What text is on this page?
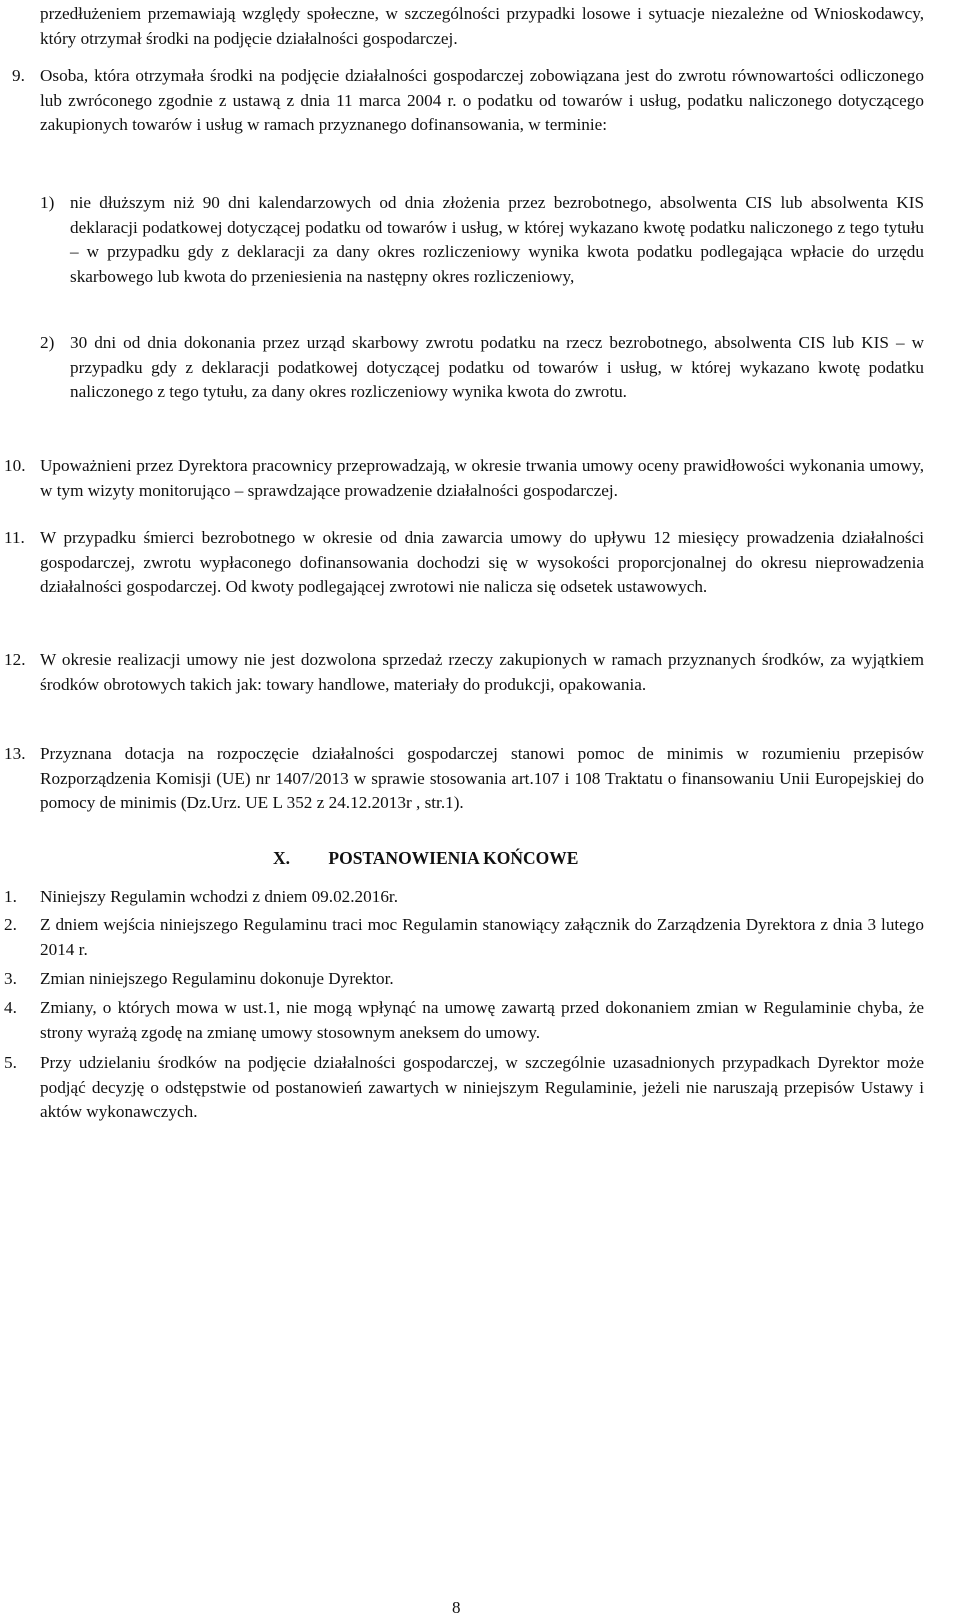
przedłużeniem przemawiają względy społeczne, w szczególności przypadki losowe i sytuacje niezależne od Wnioskodawcy, który otrzymał środki na podjęcie działalności gospodarczej.
9. Osoba, która otrzymała środki na podjęcie działalności gospodarczej zobowiązana jest do zwrotu równowartości odliczonego lub zwróconego zgodnie z ustawą z dnia 11 marca 2004 r. o podatku od towarów i usług, podatku naliczonego dotyczącego zakupionych towarów i usług w ramach przyznanego dofinansowania, w terminie:
1) nie dłuższym niż 90 dni kalendarzowych od dnia złożenia przez bezrobotnego, absolwenta CIS lub absolwenta KIS deklaracji podatkowej dotyczącej podatku od towarów i usług, w której wykazano kwotę podatku naliczonego z tego tytułu – w przypadku gdy z deklaracji za dany okres rozliczeniowy wynika kwota podatku podlegająca wpłacie do urzędu skarbowego lub kwota do przeniesienia na następny okres rozliczeniowy,
2) 30 dni od dnia dokonania przez urząd skarbowy zwrotu podatku na rzecz bezrobotnego, absolwenta CIS lub KIS – w przypadku gdy z deklaracji podatkowej dotyczącej podatku od towarów i usług, w której wykazano kwotę podatku naliczonego z tego tytułu, za dany okres rozliczeniowy wynika kwota do zwrotu.
10. Upoważnieni przez Dyrektora pracownicy przeprowadzają, w okresie trwania umowy oceny prawidłowości wykonania umowy, w tym wizyty monitorująco – sprawdzające prowadzenie działalności gospodarczej.
11. W przypadku śmierci bezrobotnego w okresie od dnia zawarcia umowy do upływu 12 miesięcy prowadzenia działalności gospodarczej, zwrotu wypłaconego dofinansowania dochodzi się w wysokości proporcjonalnej do okresu nieprowadzenia działalności gospodarczej. Od kwoty podlegającej zwrotowi nie nalicza się odsetek ustawowych.
12. W okresie realizacji umowy nie jest dozwolona sprzedaż rzeczy zakupionych w ramach przyznanych środków, za wyjątkiem środków obrotowych takich jak: towary handlowe, materiały do produkcji, opakowania.
13. Przyznana dotacja na rozpoczęcie działalności gospodarczej stanowi pomoc de minimis w rozumieniu przepisów Rozporządzenia Komisji (UE) nr 1407/2013 w sprawie stosowania art.107 i 108 Traktatu o finansowaniu Unii Europejskiej do pomocy de minimis (Dz.Urz. UE L 352 z 24.12.2013r , str.1).
X. POSTANOWIENIA KOŃCOWE
1. Niniejszy Regulamin wchodzi z dniem 09.02.2016r.
2. Z dniem wejścia niniejszego Regulaminu traci moc Regulamin stanowiący załącznik do Zarządzenia Dyrektora z dnia 3 lutego 2014 r.
3. Zmian niniejszego Regulaminu dokonuje Dyrektor.
4. Zmiany, o których mowa w ust.1, nie mogą wpłynąć na umowę zawartą przed dokonaniem zmian w Regulaminie chyba, że strony wyrażą zgodę na zmianę umowy stosownym aneksem do umowy.
5. Przy udzielaniu środków na podjęcie działalności gospodarczej, w szczególnie uzasadnionych przypadkach Dyrektor może podjąć decyzję o odstępstwie od postanowień zawartych w niniejszym Regulaminie, jeżeli nie naruszają przepisów Ustawy i aktów wykonawczych.
8
